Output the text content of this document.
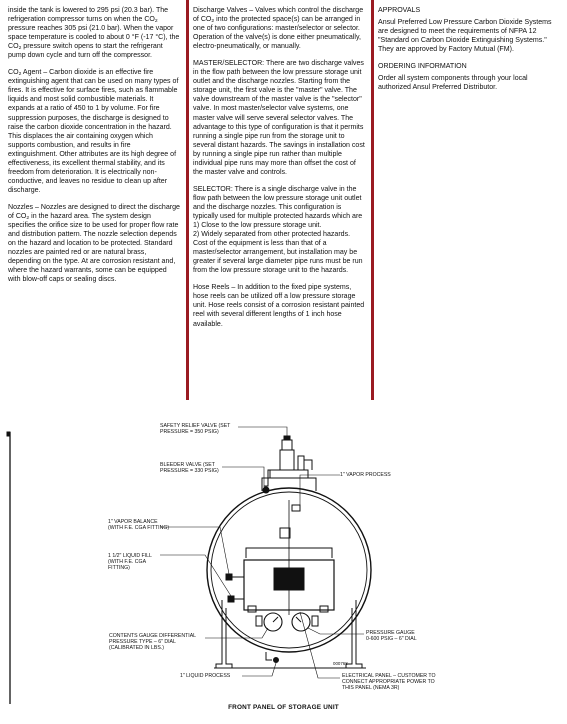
inside the tank is lowered to 295 psi (20.3 bar). The refrigeration compressor turns on when the $CO_2$ pressure reaches 305 psi (21.0 bar). When the vapor space temperature is cooled to about 0 °F (-17 °C), the $CO_2$ pressure switch opens to start the refrigerant pump down cycle and turn off the compressor.

$CO_2$ Agent – Carbon dioxide is an effective fire extinguishing agent that can be used on many types of fires. It is effective for surface fires, such as flammable liquids and most solid combustible materials. It expands at a ratio of 450 to 1 by volume. For fire suppression purposes, the discharge is designed to raise the carbon dioxide concentration in the hazard. This displaces the air containing oxygen which supports combustion, and results in fire extinguishment. Other attributes are its high degree of effectiveness, its excellent thermal stability, and its freedom from deterioration. It is electrically non-conductive, and leaves no residue to clean up after discharge.

Nozzles – Nozzles are designed to direct the discharge of $CO_2$ in the hazard area. The system design specifies the orifice size to be used for proper flow rate and distribution pattern. The nozzle selection depends on the hazard and location to be protected. Standard nozzles are painted red or are natural brass, depending on the type. At are corrosion resistant and, where the hazard warrants, some can be equipped with blow-off caps or sealing discs.

Discharge Valves – Valves which control the discharge of $CO_2$ into the protected space(s) can be arranged in one of two configurations: master/selector or selector. Operation of the valve(s) is done either pneumatically, electro-pneumatically, or manually.

MASTER/SELECTOR: There are two discharge valves in the flow path between the low pressure storage unit outlet and the discharge nozzles. Starting from the storage unit, the first valve is the "master" valve. The valve downstream of the master valve is the "selector" valve. In most master/selector valve systems, one master valve will serve several selector valves. The advantage to this type of configuration is that it permits running a single pipe run from the storage unit to several distant hazards. The savings in installation cost by running a single pipe run rather than multiple individual pipe runs may more than offset the cost of the master valve and controls.

SELECTOR: There is a single discharge valve in the flow path between the low pressure storage unit outlet and the discharge nozzles. This configuration is typically used for multiple protected hazards which are
1) Close to the low pressure storage unit.
2) Widely separated from other protected hazards. Cost of the equipment is less than that of a master/selector arrangement, but installation may be greater if several large diameter pipe runs must be run from the low pressure storage unit to the hazards.

Hose Reels – In addition to the fixed pipe systems, hose reels can be utilized off a low pressure storage unit. Hose reels consist of a corrosion resistant painted reel with several different lengths of 1 inch hose available.

APPROVALS

Ansul Preferred Low Pressure Carbon Dioxide Systems are designed to meet the requirements of NFPA 12 "Standard on Carbon Dioxide Extinguishing Systems." They are approved by Factory Mutual (FM).

ORDERING INFORMATION

Order all system components through your local authorized Ansul Preferred Distributor.

SAFETY RELIEF VALVE (SET
PRESSURE = 350 PSIG)
BLEEDER VALVE (SET
PRESSURE = 330 PSIG)
1" VAPOR PROCESS
1" VAPOR BALANCE
(WITH F.E. CGA FITTING)
1 1/2" LIQUID FILL
(WITH F.E. CGA
FITTING)
CONTENTS GAUGE DIFFERENTIAL
PRESSURE TYPE – 6" DIAL
(CALIBRATED IN LBS.)
PRESSURE GAUGE
0-600 PSIG – 6" DIAL
1" LIQUID PROCESS	ELECTRICAL PANEL – CUSTOMER TO
CONNECT APPROPRIATE POWER TO
THIS PANEL (NEMA 3R)
000768
FRONT PANEL OF STORAGE UNIT
